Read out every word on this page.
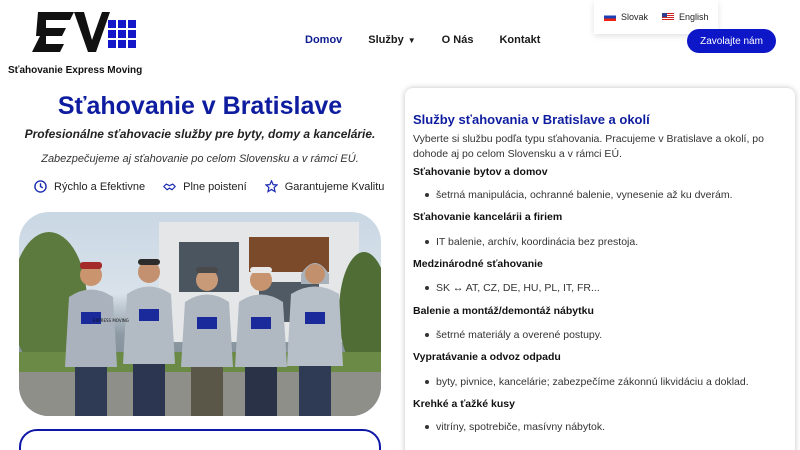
Sťahovanie Express Moving
Domov Služby ▼ O Nás Kontakt
Slovak	English
Zavolajte nám
Sťahovanie v Bratislave

Profesionálne sťahovacie služby pre byty, domy a kancelárie.

Zabezpečujeme aj sťahovanie po celom Slovensku a v rámci EÚ.

Rýchlo a Efektivne	Plne poistení	Garantujeme Kvalitu
EXPRESS MOVING
Služby sťahovania v Bratislave a okolí

Vyberte si službu podľa typu sťahovania. Pracujeme v Bratislave a okolí, po dohode aj po celom Slovensku a v rámci EÚ.

Sťahovanie bytov a domov
šetrná manipulácia, ochranné balenie, vynesenie až ku dverám.
Sťahovanie kancelárii a firiem
IT balenie, archív, koordinácia bez prestoja.
Medzinárodné sťahovanie
SK ↔ AT, CZ, DE, HU, PL, IT, FR...
Balenie a montáž/demontáž nábytku
šetrné materiály a overené postupy.
Vypratávanie a odvoz odpadu
byty, pivnice, kancelárie; zabezpečíme zákonnú likvidáciu a doklad.
Krehké a ťažké kusy
vitríny, spotrebiče, masívny nábytok.
